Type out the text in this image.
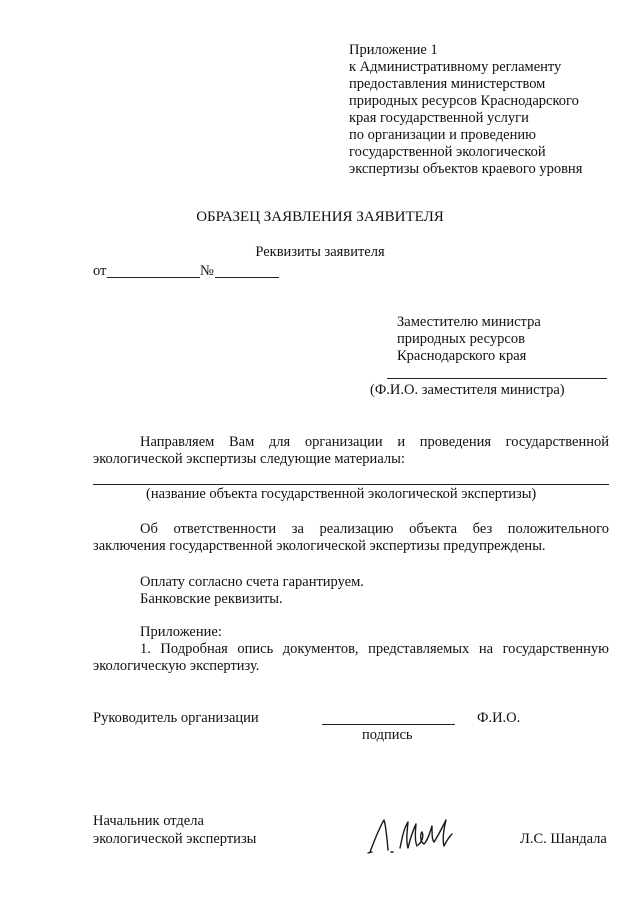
Приложение 1
к Административному регламенту
предоставления министерством
природных ресурсов Краснодарского
края государственной услуги
по организации и проведению
государственной экологической
экспертизы объектов краевого уровня
ОБРАЗЕЦ ЗАЯВЛЕНИЯ ЗАЯВИТЕЛЯ
Реквизиты заявителя
от	№
Заместителю министра
природных ресурсов
Краснодарского края
(Ф.И.О. заместителя министра)
Направляем Вам для организации и проведения государственной
экологической экспертизы следующие материалы:
(название объекта государственной экологической экспертизы)
Об ответственности за реализацию объекта без положительного
заключения государственной экологической экспертизы предупреждены.
Оплату согласно счета гарантируем.
Банковские реквизиты.
Приложение:
1. Подробная опись документов, представляемых на государственную
экологическую экспертизу.
Руководитель организации	Ф.И.О.
подпись
Начальник отдела
экологической экспертизы	Л.С. Шандала
